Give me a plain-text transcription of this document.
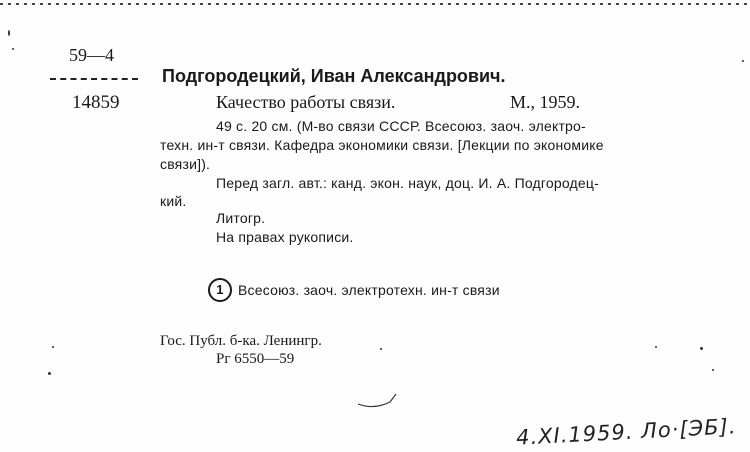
59—4
14859
Подгородецкий, Иван Александрович.
Качество работы связи.	М., 1959.
49 с. 20 см. (М-во связи СССР. Всесоюз. заоч. электро-
техн. ин-т связи. Кафедра экономики связи. [Лекции по экономике
связи]).
Перед загл. авт.: канд. экон. наук, доц. И. А. Подгородец-
кий.
Литогр.
На правах рукописи.
1	Всесоюз. заоч. электротехн. ин-т связи
Гос. Публ. б-ка. Ленингр.
Рг 6550—59
4.XI.1959. Ло·[ЭБ].
